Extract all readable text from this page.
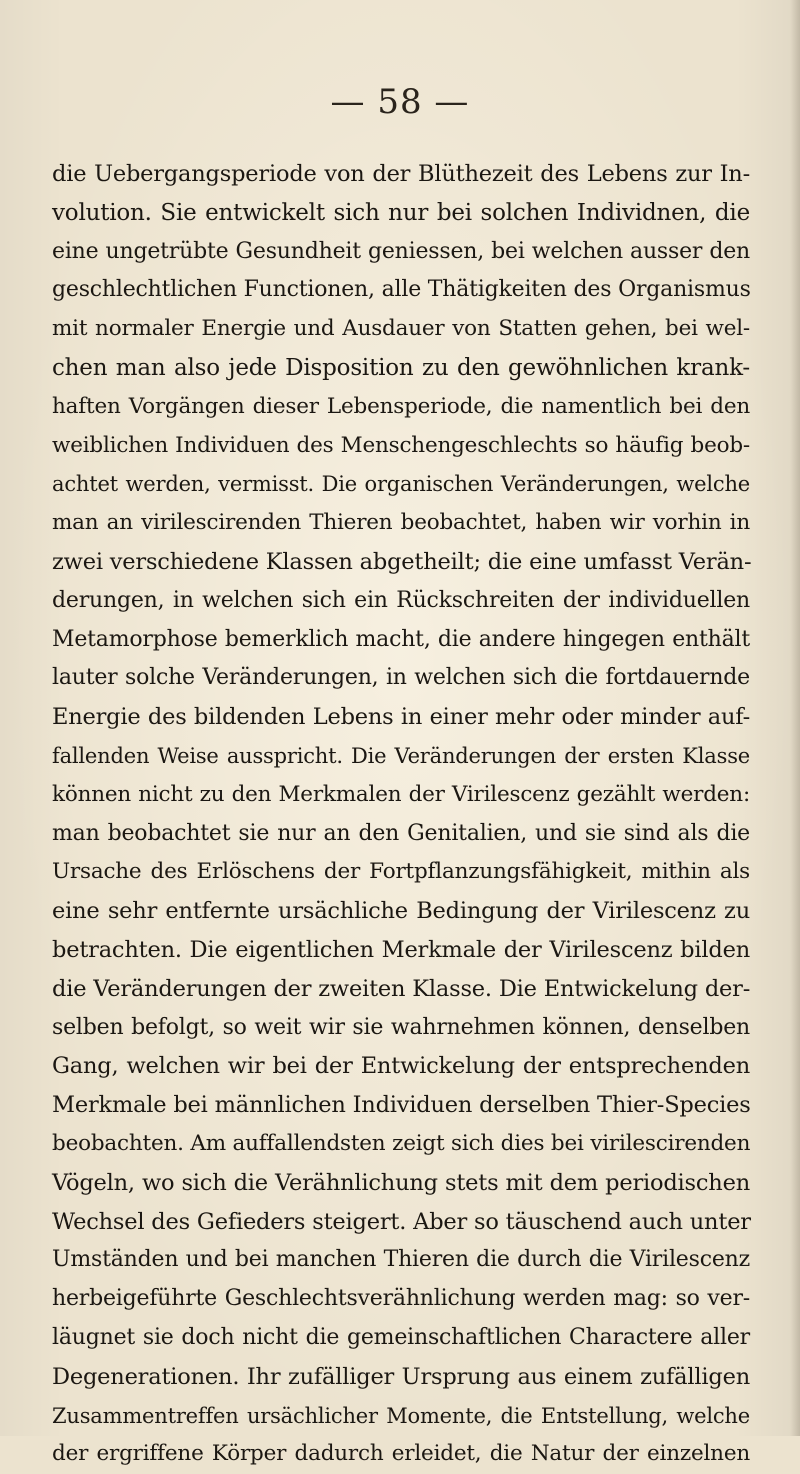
— 58 —
die Uebergangsperiode von der Blüthezeit des Lebens zur In-
volution. Sie entwickelt sich nur bei solchen Individnen, die
eine ungetrübte Gesundheit geniessen, bei welchen ausser den
geschlechtlichen Functionen, alle Thätigkeiten des Organismus
mit normaler Energie und Ausdauer von Statten gehen, bei wel-
chen man also jede Disposition zu den gewöhnlichen krank-
haften Vorgängen dieser Lebensperiode, die namentlich bei den
weiblichen Individuen des Menschengeschlechts so häufig beob-
achtet werden, vermisst. Die organischen Veränderungen, welche
man an virilescirenden Thieren beobachtet, haben wir vorhin in
zwei verschiedene Klassen abgetheilt; die eine umfasst Verän-
derungen, in welchen sich ein Rückschreiten der individuellen
Metamorphose bemerklich macht, die andere hingegen enthält
lauter solche Veränderungen, in welchen sich die fortdauernde
Energie des bildenden Lebens in einer mehr oder minder auf-
fallenden Weise ausspricht. Die Veränderungen der ersten Klasse
können nicht zu den Merkmalen der Virilescenz gezählt werden:
man beobachtet sie nur an den Genitalien, und sie sind als die
Ursache des Erlöschens der Fortpflanzungsfähigkeit, mithin als
eine sehr entfernte ursächliche Bedingung der Virilescenz zu
betrachten. Die eigentlichen Merkmale der Virilescenz bilden
die Veränderungen der zweiten Klasse. Die Entwickelung der-
selben befolgt, so weit wir sie wahrnehmen können, denselben
Gang, welchen wir bei der Entwickelung der entsprechenden
Merkmale bei männlichen Individuen derselben Thier-Species
beobachten. Am auffallendsten zeigt sich dies bei virilescirenden
Vögeln, wo sich die Verähnlichung stets mit dem periodischen
Wechsel des Gefieders steigert. Aber so täuschend auch unter
Umständen und bei manchen Thieren die durch die Virilescenz
herbeigeführte Geschlechtsverähnlichung werden mag: so ver-
läugnet sie doch nicht die gemeinschaftlichen Charactere aller
Degenerationen. Ihr zufälliger Ursprung aus einem zufälligen
Zusammentreffen ursächlicher Momente, die Entstellung, welche
der ergriffene Körper dadurch erleidet, die Natur der einzelnen
